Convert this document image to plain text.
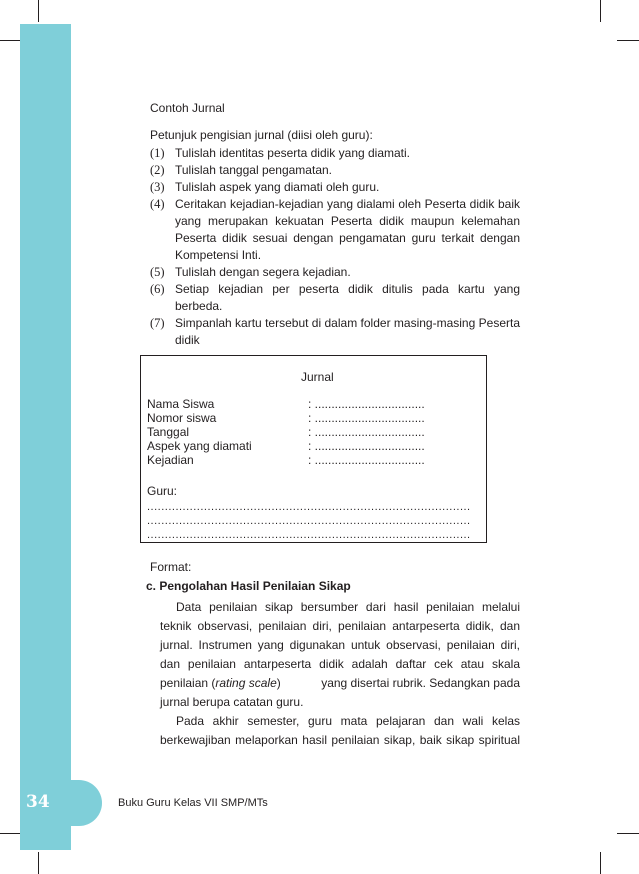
34	Buku Guru Kelas VII SMP/MTs
Contoh Jurnal
Petunjuk pengisian jurnal (diisi oleh guru):
(1) Tulislah identitas peserta didik yang diamati.
(2) Tulislah tanggal pengamatan.
(3) Tulislah aspek yang diamati oleh guru.
(4) Ceritakan kejadian-kejadian yang dialami oleh Peserta didik baik yang merupakan kekuatan Peserta didik maupun kelemahan Peserta didik sesuai dengan pengamatan guru terkait dengan Kompetensi Inti.
(5) Tulislah dengan segera kejadian.
(6) Setiap kejadian per peserta didik ditulis pada kartu yang berbeda.
(7) Simpanlah kartu tersebut di dalam folder masing-masing Peserta didik
Jurnal
Nama Siswa	: .................................
Nomor siswa	: .................................
Tanggal	: .................................
Aspek yang diamati	: .................................
Kejadian	: .................................
Guru:
...........................................................................................
...........................................................................................
...........................................................................................
Format:
c. Pengolahan Hasil Penilaian Sikap
Data penilaian sikap bersumber dari hasil penilaian melalui
teknik observasi, penilaian diri, penilaian antarpeserta didik, dan
jurnal. Instrumen yang digunakan untuk observasi, penilaian diri,
dan penilaian antarpeserta didik adalah daftar cek atau skala
penilaian (rating scale)	yang disertai rubrik. Sedangkan pada
jurnal berupa catatan guru.
Pada akhir semester, guru mata pelajaran dan wali kelas
berkewajiban melaporkan hasil penilaian sikap, baik sikap spiritual
